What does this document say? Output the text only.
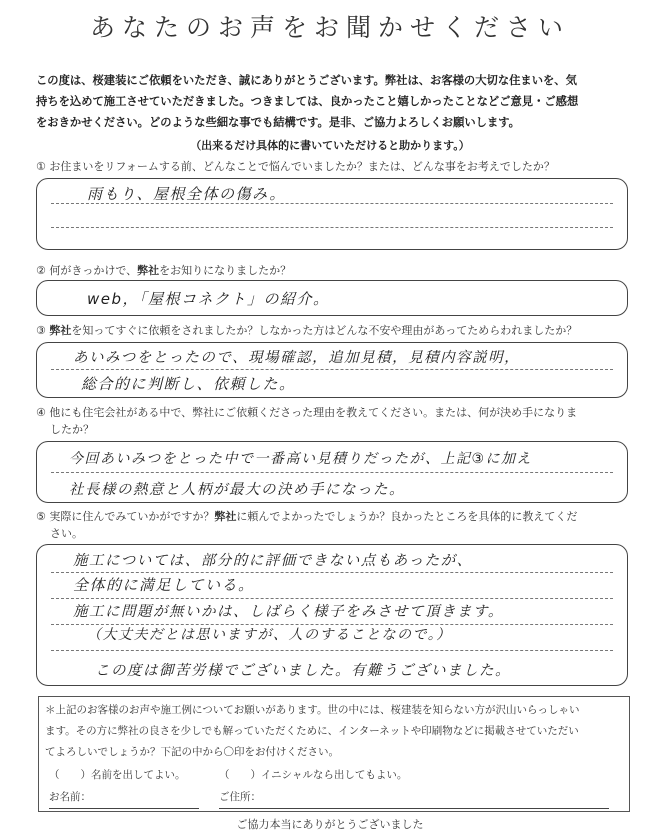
あなたのお声をお聞かせください
この度は、桜建装にご依頼をいただき、誠にありがとうございます。弊社は、お客様の大切な住まいを、気
持ちを込めて施工させていただきました。つきましては、良かったこと嬉しかったことなどご意見・ご感想
をおきかせください。どのような些細な事でも結構です。是非、ご協力よろしくお願いします。
（出来るだけ具体的に書いていただけると助かります。）
① お住まいをリフォームする前、どんなことで悩んでいましたか？または、どんな事をお考えでしたか？
雨もり、屋根全体の傷み。
② 何がきっかけで、弊社をお知りになりましたか？
web，「屋根コネクト」の紹介。
③ 弊社を知ってすぐに依頼をされましたか？しなかった方はどんな不安や理由があってためらわれましたか？
あいみつをとったので、現場確認，追加見積，見積内容説明，
総合的に判断し、依頼した。
④ 他にも住宅会社がある中で、弊社にご依頼くださった理由を教えてください。または、何が決め手になりま
したか？
今回あいみつをとった中で一番高い見積りだったが、上記③に加え
社長様の熱意と人柄が最大の決め手になった。
⑤ 実際に住んでみていかがですか？弊社に頼んでよかったでしょうか？良かったところを具体的に教えてくだ
さい。
施工については、部分的に評価できない点もあったが、
全体的に満足している。
施工に問題が無いかは、しばらく様子をみさせて頂きます。
（大丈夫だとは思いますが、人のすることなので。）
この度は御苦労様でございました。有難うございました。
＊上記のお客様のお声や施工例についてお願いがあります。世の中には、桜建装を知らない方が沢山いらっしゃい
ます。その方に弊社の良さを少しでも解っていただくために、インターネットや印刷物などに掲載させていただい
てよろしいでしょうか？下記の中から〇印をお付けください。
（　　）名前を出してよい。	（　　）イニシャルなら出してもよい。
お名前：	ご住所：
ご協力本当にありがとうございました
